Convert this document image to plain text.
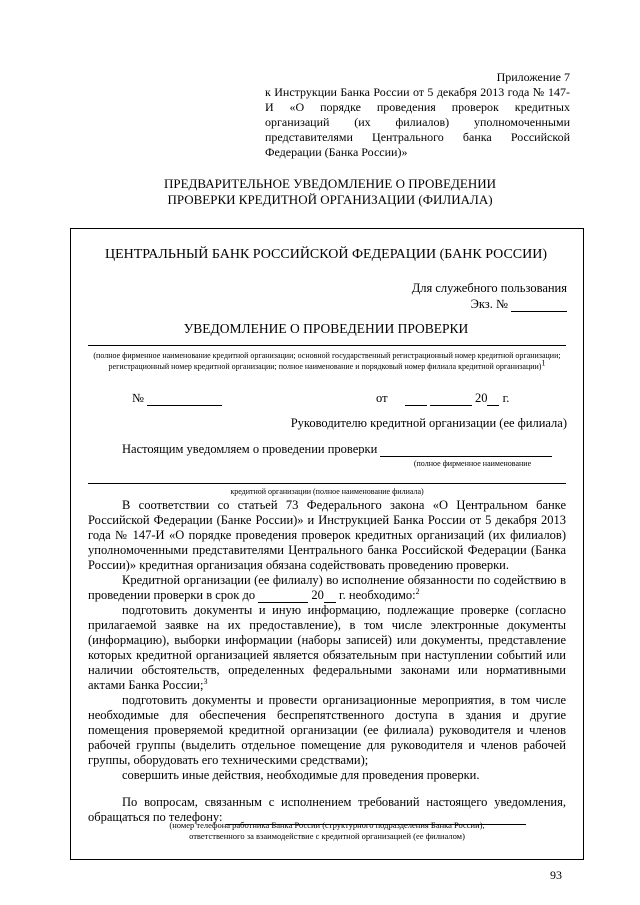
Приложение 7
к Инструкции Банка России от 5 декабря 2013 года № 147-И «О порядке проведения проверок кредитных организаций (их филиалов) уполномоченными представителями Центрального банка Российской Федерации (Банка России)»
ПРЕДВАРИТЕЛЬНОЕ УВЕДОМЛЕНИЕ О ПРОВЕДЕНИИ
ПРОВЕРКИ КРЕДИТНОЙ ОРГАНИЗАЦИИ (ФИЛИАЛА)
ЦЕНТРАЛЬНЫЙ БАНК РОССИЙСКОЙ ФЕДЕРАЦИИ (БАНК РОССИИ)
Для служебного пользования
Экз. №
УВЕДОМЛЕНИЕ О ПРОВЕДЕНИИ ПРОВЕРКИ
(полное фирменное наименование кредитной организации; основной государственный регистрационный номер кредитной организации; регистрационный номер кредитной организации; полное наименование и порядковый номер филиала кредитной организации)1
№	от	20 г.
Руководителю кредитной организации (ее филиала)
Настоящим уведомляем о проведении проверки
(полное фирменное наименование
кредитной организации (полное наименование филиала)
В соответствии со статьей 73 Федерального закона «О Центральном банке Российской Федерации (Банке России)» и Инструкцией Банка России от 5 декабря 2013 года № 147-И «О порядке проведения проверок кредитных организаций (их филиалов) уполномоченными представителями Центрального банка Российской Федерации (Банка России)» кредитная организация обязана содействовать проведению проверки.
Кредитной организации (ее филиалу) во исполнение обязанности по содействию в проведении проверки в срок до	20 г. необходимо:$^2$
подготовить документы и иную информацию, подлежащие проверке (согласно прилагаемой заявке на их предоставление), в том числе электронные документы (информацию), выборки информации (наборы записей) или документы, представление которых кредитной организацией является обязательным при наступлении событий или наличии обстоятельств, определенных федеральными законами или нормативными актами Банка России;$^3$
подготовить документы и провести организационные мероприятия, в том числе необходимые для обеспечения беспрепятственного доступа в здания и другие помещения проверяемой кредитной организации (ее филиала) руководителя и членов рабочей группы (выделить отдельное помещение для руководителя и членов рабочей группы, оборудовать его техническими средствами);
совершить иные действия, необходимые для проведения проверки.
По вопросам, связанным с исполнением требований настоящего уведомления, обращаться по телефону:
(номер телефона работника Банка России (структурного подразделения Банка России),
ответственного за взаимодействие с кредитной организацией (ее филиалом)
93
